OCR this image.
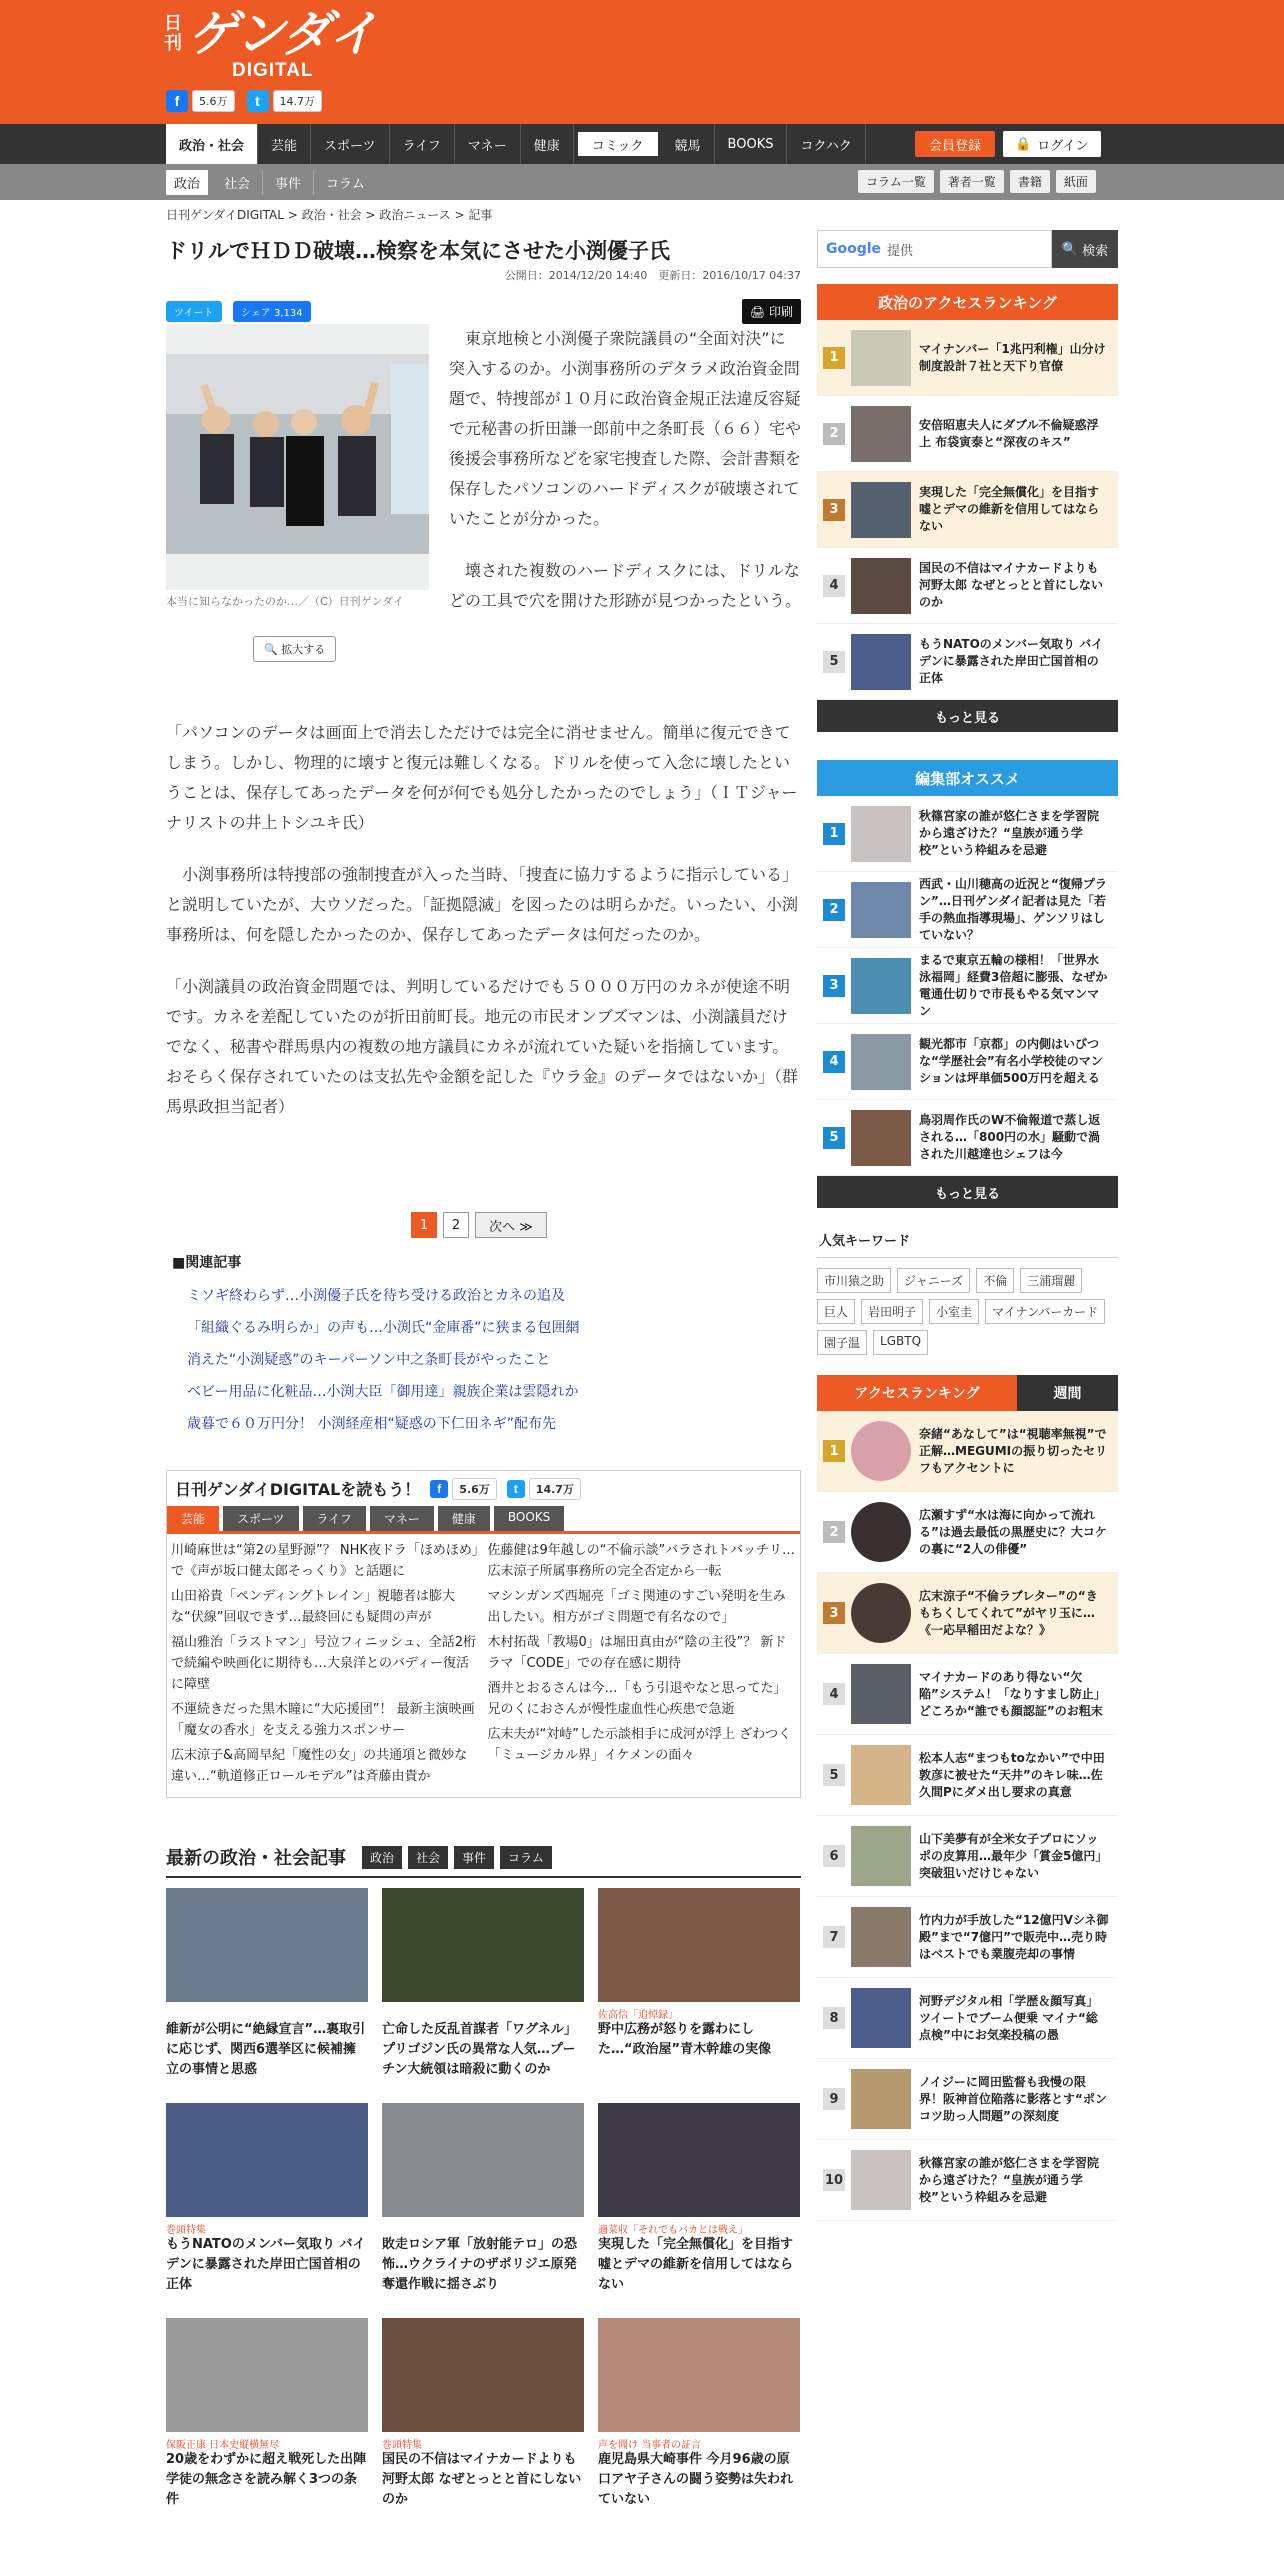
日刊 ゲンダイ
DIGITAL
f	5.6万	t	14.7万
政治・社会	芸能	スポーツ	ライフ	マネー	健康	コミック	競馬	BOOKS	コクハク	会員登録	🔒 ログイン
政治	社会	事件	コラム	コラム一覧	著者一覧	書籍	紙面
日刊ゲンダイDIGITAL > 政治・社会 > 政治ニュース > 記事
ドリルでＨＤＤ破壊…検察を本気にさせた小渕優子氏
公開日：2014/12/20 14:40　更新日：2016/10/17 04:37
ツイート	シェア 3,134	🖨 印刷
本当に知らなかったのか…／（C）日刊ゲンダイ
🔍 拡大する

東京地検と小渕優子衆院議員の“全面対決”に突入するのか。小渕事務所のデタラメ政治資金問題で、特捜部が１０月に政治資金規正法違反容疑で元秘書の折田謙一郎前中之条町長（６６）宅や後援会事務所などを家宅捜査した際、会計書類を保存したパソコンのハードディスクが破壊されていたことが分かった。

壊された複数のハードディスクには、ドリルなどの工具で穴を開けた形跡が見つかったという。

「パソコンのデータは画面上で消去しただけでは完全に消せません。簡単に復元できてしまう。しかし、物理的に壊すと復元は難しくなる。ドリルを使って入念に壊したということは、保存してあったデータを何が何でも処分したかったのでしょう」（ＩＴジャーナリストの井上トシユキ氏）

小渕事務所は特捜部の強制捜査が入った当時、「捜査に協力するように指示している」と説明していたが、大ウソだった。「証拠隠滅」を図ったのは明らかだ。いったい、小渕事務所は、何を隠したかったのか、保存してあったデータは何だったのか。

「小渕議員の政治資金問題では、判明しているだけでも５０００万円のカネが使途不明です。カネを差配していたのが折田前町長。地元の市民オンブズマンは、小渕議員だけでなく、秘書や群馬県内の複数の地方議員にカネが流れていた疑いを指摘しています。おそらく保存されていたのは支払先や金額を記した『ウラ金』のデータではないか」（群馬県政担当記者）

1	2	次へ ≫
■関連記事
ミソギ終わらず…小渕優子氏を待ち受ける政治とカネの追及
「組織ぐるみ明らか」の声も…小渕氏“金庫番”に狭まる包囲網
消えた“小渕疑惑”のキーパーソン中之条町長がやったこと
ベビー用品に化粧品…小渕大臣「御用達」親族企業は雲隠れか
歳暮で６０万円分！ 小渕経産相“疑惑の下仁田ネギ”配布先
日刊ゲンダイDIGITALを読もう！	f	5.6万	t	14.7万
芸能	スポーツ	ライフ	マネー	健康	BOOKS
川崎麻世は“第2の星野源”？ NHK夜ドラ「ほめほめ」で《声が坂口健太郎そっくり》と話題に
山田裕貴「ペンディングトレイン」視聴者は膨大な“伏線”回収できず…最終回にも疑問の声が
福山雅治「ラストマン」号泣フィニッシュ、全話2桁で続編や映画化に期待も…大泉洋とのバディー復活に障壁
不運続きだった黒木瞳に“大応援団”！ 最新主演映画「魔女の香水」を支える強力スポンサー
広末涼子&高岡早紀「魔性の女」の共通項と微妙な違い…“軌道修正ロールモデル”は斉藤由貴か
佐藤健は9年越しの“不倫示談”バラされトバッチリ…広末涼子所属事務所の完全否定から一転
マシンガンズ西堀亮「ゴミ関連のすごい発明を生み出したい。相方がゴミ問題で有名なので」
木村拓哉「教場0」は堀田真由が“陰の主役”？ 新ドラマ「CODE」での存在感に期待
酒井とおるさんは今…「もう引退やなと思ってた」兄のくにおさんが慢性虚血性心疾患で急逝
広末夫が“対峙”した示談相手に成河が浮上 ざわつく「ミュージカル界」イケメンの面々
最新の政治・社会記事	政治	社会	事件	コラム
維新が公明に“絶縁宣言”…裏取引に応じず、関西6選挙区に候補擁立の事情と思惑
亡命した反乱首謀者「ワグネル」プリゴジン氏の異常な人気…プーチン大統領は暗殺に動くのか
佐高信「追悼録」
野中広務が怒りを露わにした…“政治屋”青木幹雄の実像
巻頭特集
もうNATOのメンバー気取り バイデンに暴露された岸田亡国首相の正体
敗走ロシア軍「放射能テロ」の恐怖…ウクライナのザポリジエ原発奪還作戦に揺さぶり
適菜収「それでもバカとは戦え」
実現した「完全無償化」を目指す 嘘とデマの維新を信用してはならない
保阪正康 日本史縦横無尽
20歳をわずかに超え戦死した出陣学徒の無念さを読み解く3つの条件
巻頭特集
国民の不信はマイナカードよりも河野太郎 なぜとっとと首にしないのか
声を聞け 当事者の証言
鹿児島県大崎事件 今月96歳の原口アヤ子さんの闘う姿勢は失われていない
Google 提供	🔍
検索
政治のアクセスランキング
1
マイナンバー「1兆円利権」山分け 制度設計７社と天下り官僚
2
安倍昭恵夫人にダブル不倫疑惑浮上 布袋寅泰と“深夜のキス”
3
実現した「完全無償化」を目指す 嘘とデマの維新を信用してはならない
4
国民の不信はマイナカードよりも河野太郎 なぜとっとと首にしないのか
5
もうNATOのメンバー気取り バイデンに暴露された岸田亡国首相の正体
もっと見る
編集部オススメ
1
秋篠宮家の誰が悠仁さまを学習院から遠ざけた？“皇族が通う学校”という枠組みを忌避
2
西武・山川穂高の近況と“復帰プラン”…日刊ゲンダイ記者は見た「若手の熱血指導現場」、ゲンソリはしていない？
3
まるで東京五輪の様相！「世界水泳福岡」経費3倍超に膨張、なぜか電通仕切りで市長もやる気マンマン
4
観光都市「京都」の内側はいびつな“学歴社会”有名小学校徒のマンションは坪単価500万円を超える
5
鳥羽周作氏のW不倫報道で蒸し返される…「800円の水」騒動で渦された川越達也シェフは今
もっと見る
人気キーワード
市川猿之助	ジャニーズ	不倫	三浦瑠麗
巨人	岩田明子	小室圭	マイナンバーカード
園子温	LGBTQ
アクセスランキング	週間
1
奈緒“あなして”は“視聴率無視”で正解…MEGUMIの振り切ったセリフもアクセントに
2
広瀬すず“水は海に向かって流れる”は過去最低の黒歴史に？大コケの裏に“2人の俳優”
3
広末涼子“不倫ラブレター”の“きもちくしてくれて”がヤリ玉に…《一応早稲田だよな？》
4
マイナカードのあり得ない“欠陥”システム！「なりすまし防止」どころか“誰でも顔認証”のお粗末
5
松本人志“まつもtoなかい”で中田敦彦に被せた“天井”のキレ味…佐久間Pにダメ出し要求の真意
6
山下美夢有が全米女子プロにソッポの皮算用…最年少「賞金5億円」突破狙いだけじゃない
7
竹内力が手放した“12億円Vシネ御殿”まで“7億円”で販売中…売り時はベストでも業腹売却の事情
8
河野デジタル相「学歴＆顔写真」ツイートでブーム便乗 マイナ“総点検”中にお気楽投稿の愚
9
ノイジーに岡田監督も我慢の限界！阪神首位陥落に影落とす“ポンコツ助っ人問題”の深刻度
10
秋篠宮家の誰が悠仁さまを学習院から遠ざけた？“皇族が通う学校”という枠組みを忌避
